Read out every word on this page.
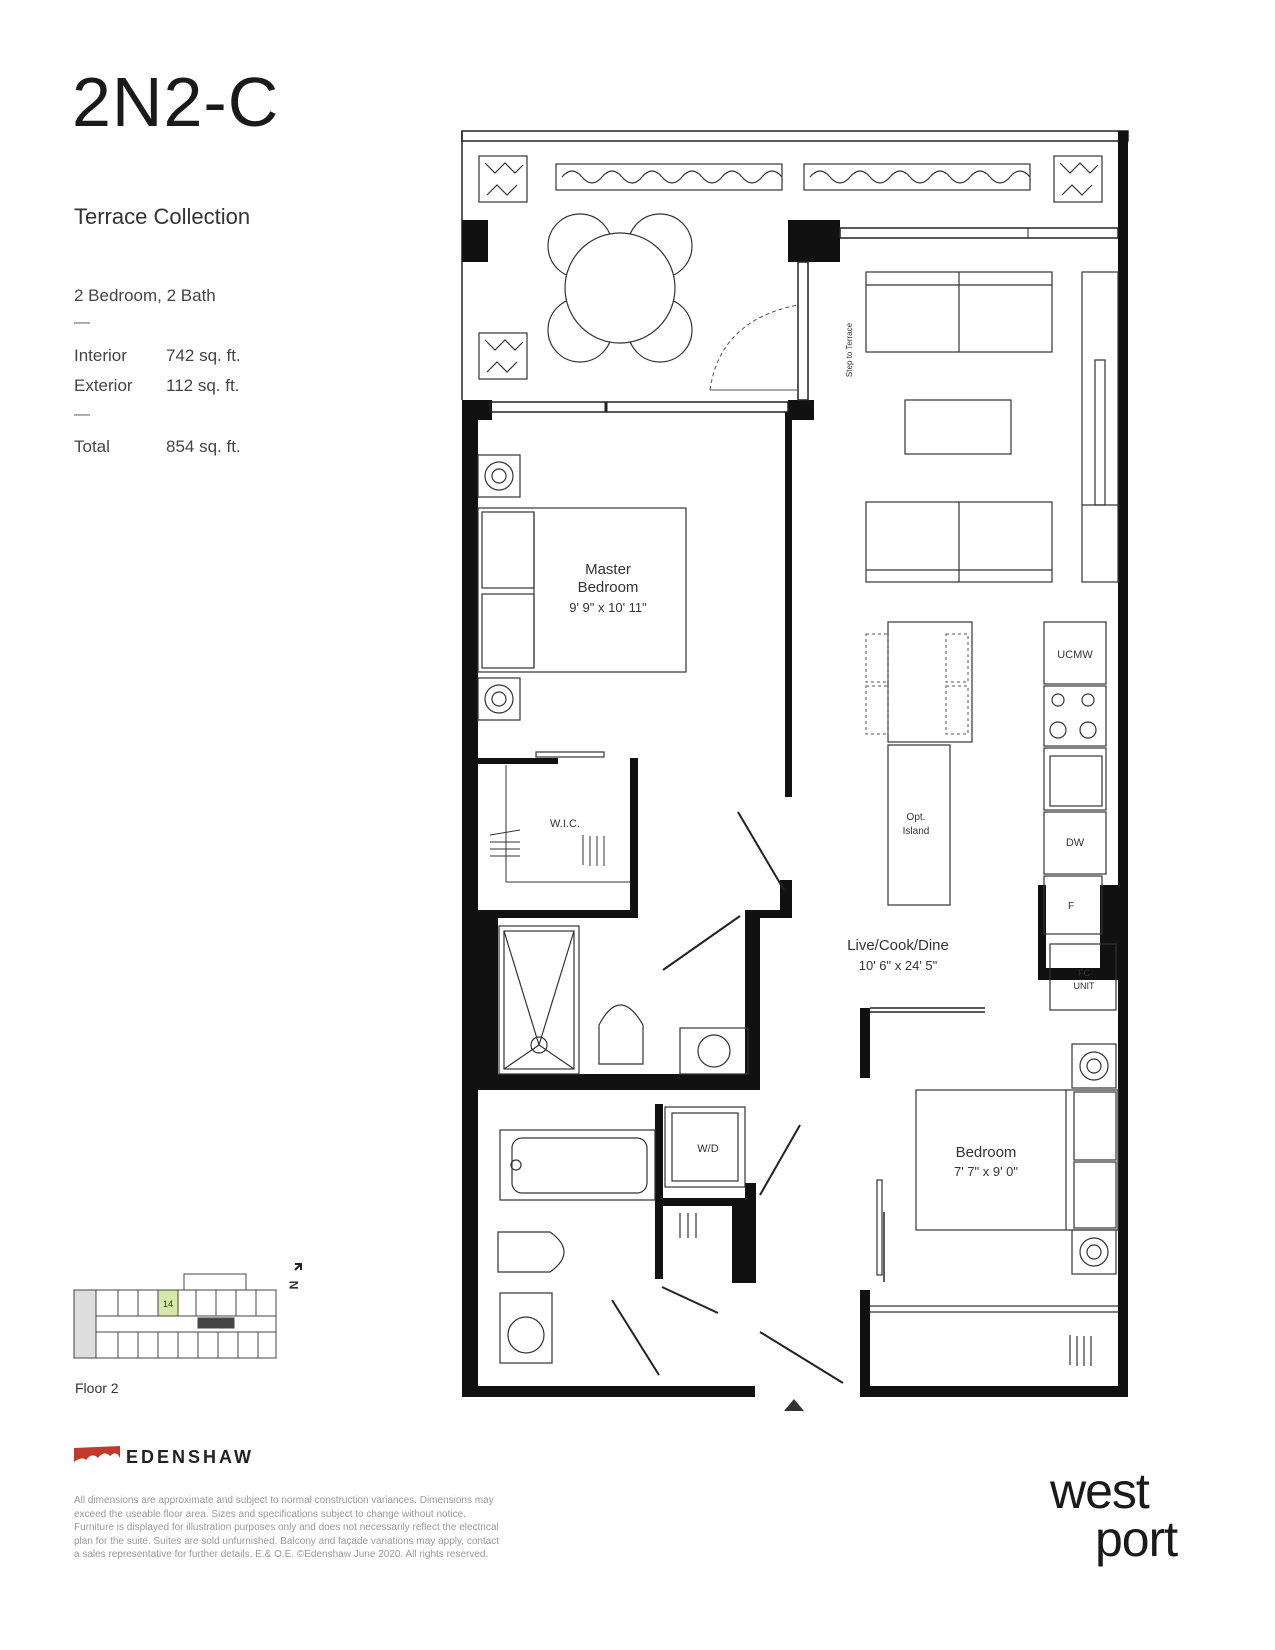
2N2-C
Terrace Collection
2 Bedroom, 2 Bath
—
Interior 742 sq. ft.
Exterior 112 sq. ft.
—
Total	854 sq. ft.
Master
Bedroom
9' 9" x 10' 11"
W.I.C.
Live/Cook/Dine
10' 6" x 24' 5"
Bedroom
7' 7" x 9' 0"
Opt.
Island
UCMW
DW
F
FC
UNIT
W/D
Step to Terrace
14
N
Floor 2
EDENSHAW
All dimensions are approximate and subject to normal construction variances. Dimensions may exceed the useable floor area. Sizes and specifications subject to change without notice. Furniture is displayed for illustration purposes only and does not necessarily reflect the electrical plan for the suite. Suites are sold unfurnished. Balcony and façade variations may apply, contact a sales representative for further details. E.& O.E. ©Edenshaw June 2020. All rights reserved.
west
port
